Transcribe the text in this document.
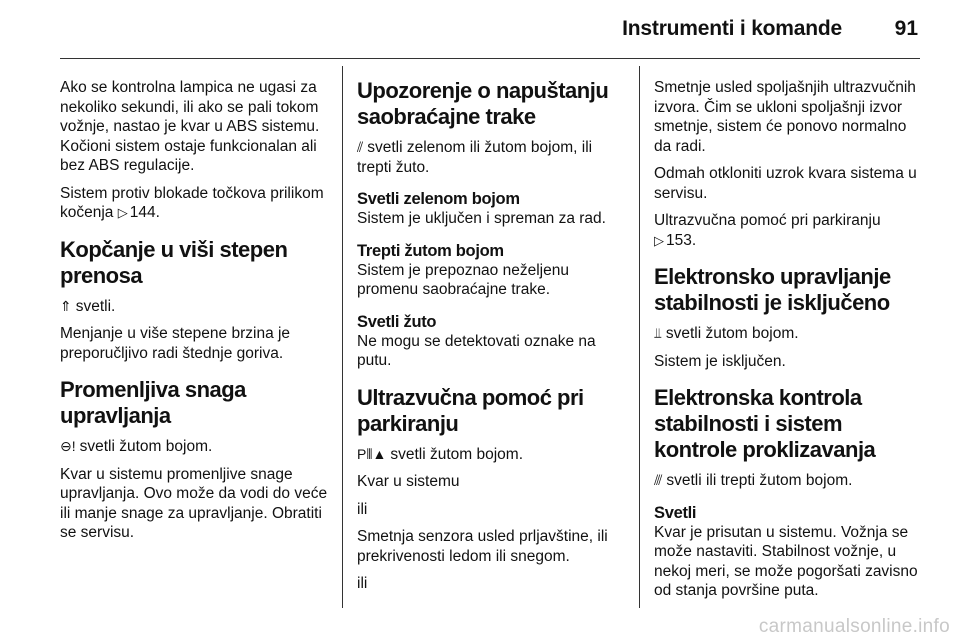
Instrumenti i komande	91

Ako se kontrolna lampica ne ugasi za nekoliko sekundi, ili ako se pali tokom vožnje, nastao je kvar u ABS sistemu. Kočioni sistem ostaje funkcionalan ali bez ABS regulacije.

Sistem protiv blokade točkova prilikom kočenja ▷ 144.

Kopčanje u viši stepen prenosa

⇑ svetli.

Menjanje u više stepene brzina je preporučljivo radi štednje goriva.

Promenljiva snaga upravljanja

⊖! svetli žutom bojom.

Kvar u sistemu promenljive snage upravljanja. Ovo može da vodi do veće ili manje snage za upravljanje. Obratiti se servisu.

Upozorenje o napuštanju saobraćajne trake

⫽ svetli zelenom ili žutom bojom, ili trepti žuto.

Svetli zelenom bojom

Sistem je uključen i spreman za rad.

Trepti žutom bojom

Sistem je prepoznao neželjenu promenu saobraćajne trake.

Svetli žuto

Ne mogu se detektovati oznake na putu.

Ultrazvučna pomoć pri parkiranju

P⦀▲ svetli žutom bojom.

Kvar u sistemu

ili

Smetnja senzora usled prljavštine, ili prekrivenosti ledom ili snegom.

ili

Smetnje usled spoljašnjih ultrazvučnih izvora. Čim se ukloni spoljašnji izvor smetnje, sistem će ponovo normalno da radi.

Odmah otkloniti uzrok kvara sistema u servisu.

Ultrazvučna pomoć pri parkiranju
▷ 153.

Elektronsko upravljanje stabilnosti je isključeno

⫫ svetli žutom bojom.

Sistem je isključen.

Elektronska kontrola stabilnosti i sistem kontrole proklizavanja

⫻ svetli ili trepti žutom bojom.

Svetli

Kvar je prisutan u sistemu. Vožnja se može nastaviti. Stabilnost vožnje, u nekoj meri, se može pogoršati zavisno od stanja površine puta.

carmanualsonline.info
